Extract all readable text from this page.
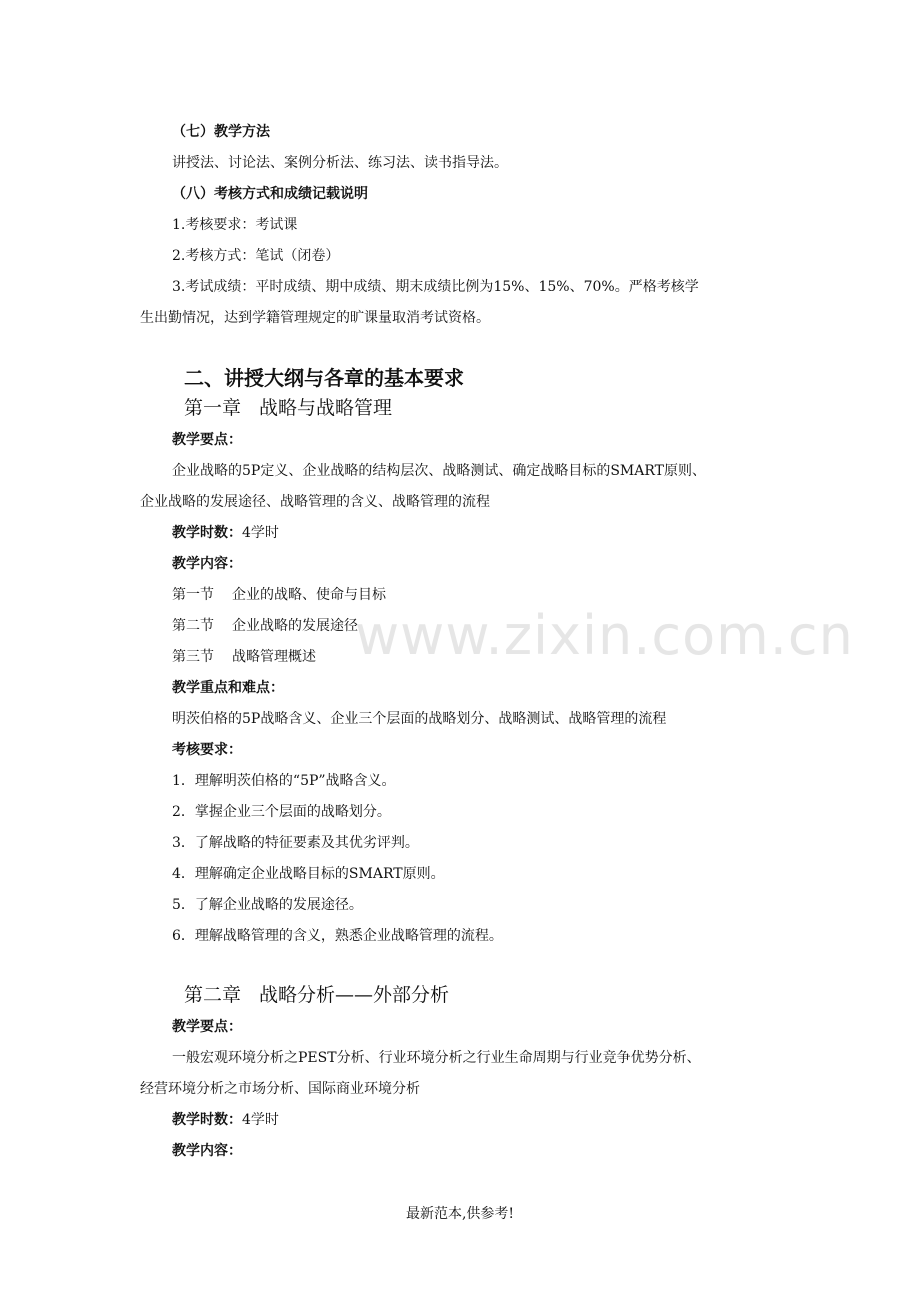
www.zixin.com.cn
（七）教学方法
讲授法、讨论法、案例分析法、练习法、读书指导法。
（八）考核方式和成绩记载说明
1.考核要求：考试课
2.考核方式：笔试（闭卷）
3.考试成绩：平时成绩、期中成绩、期末成绩比例为15%、15%、70%。严格考核学
生出勤情况，达到学籍管理规定的旷课量取消考试资格。
二、讲授大纲与各章的基本要求
第一章 战略与战略管理
教学要点：
企业战略的5P定义、企业战略的结构层次、战略测试、确定战略目标的SMART原则、
企业战略的发展途径、战略管理的含义、战略管理的流程
教学时数：4学时
教学内容：
第一节 企业的战略、使命与目标
第二节 企业战略的发展途径
第三节 战略管理概述
教学重点和难点：
明茨伯格的5P战略含义、企业三个层面的战略划分、战略测试、战略管理的流程
考核要求：
1．理解明茨伯格的“5P”战略含义。
2．掌握企业三个层面的战略划分。
3．了解战略的特征要素及其优劣评判。
4．理解确定企业战略目标的SMART原则。
5．了解企业战略的发展途径。
6．理解战略管理的含义，熟悉企业战略管理的流程。
第二章 战略分析——外部分析
教学要点：
一般宏观环境分析之PEST分析、行业环境分析之行业生命周期与行业竞争优势分析、
经营环境分析之市场分析、国际商业环境分析
教学时数：4学时
教学内容：
最新范本,供参考!
